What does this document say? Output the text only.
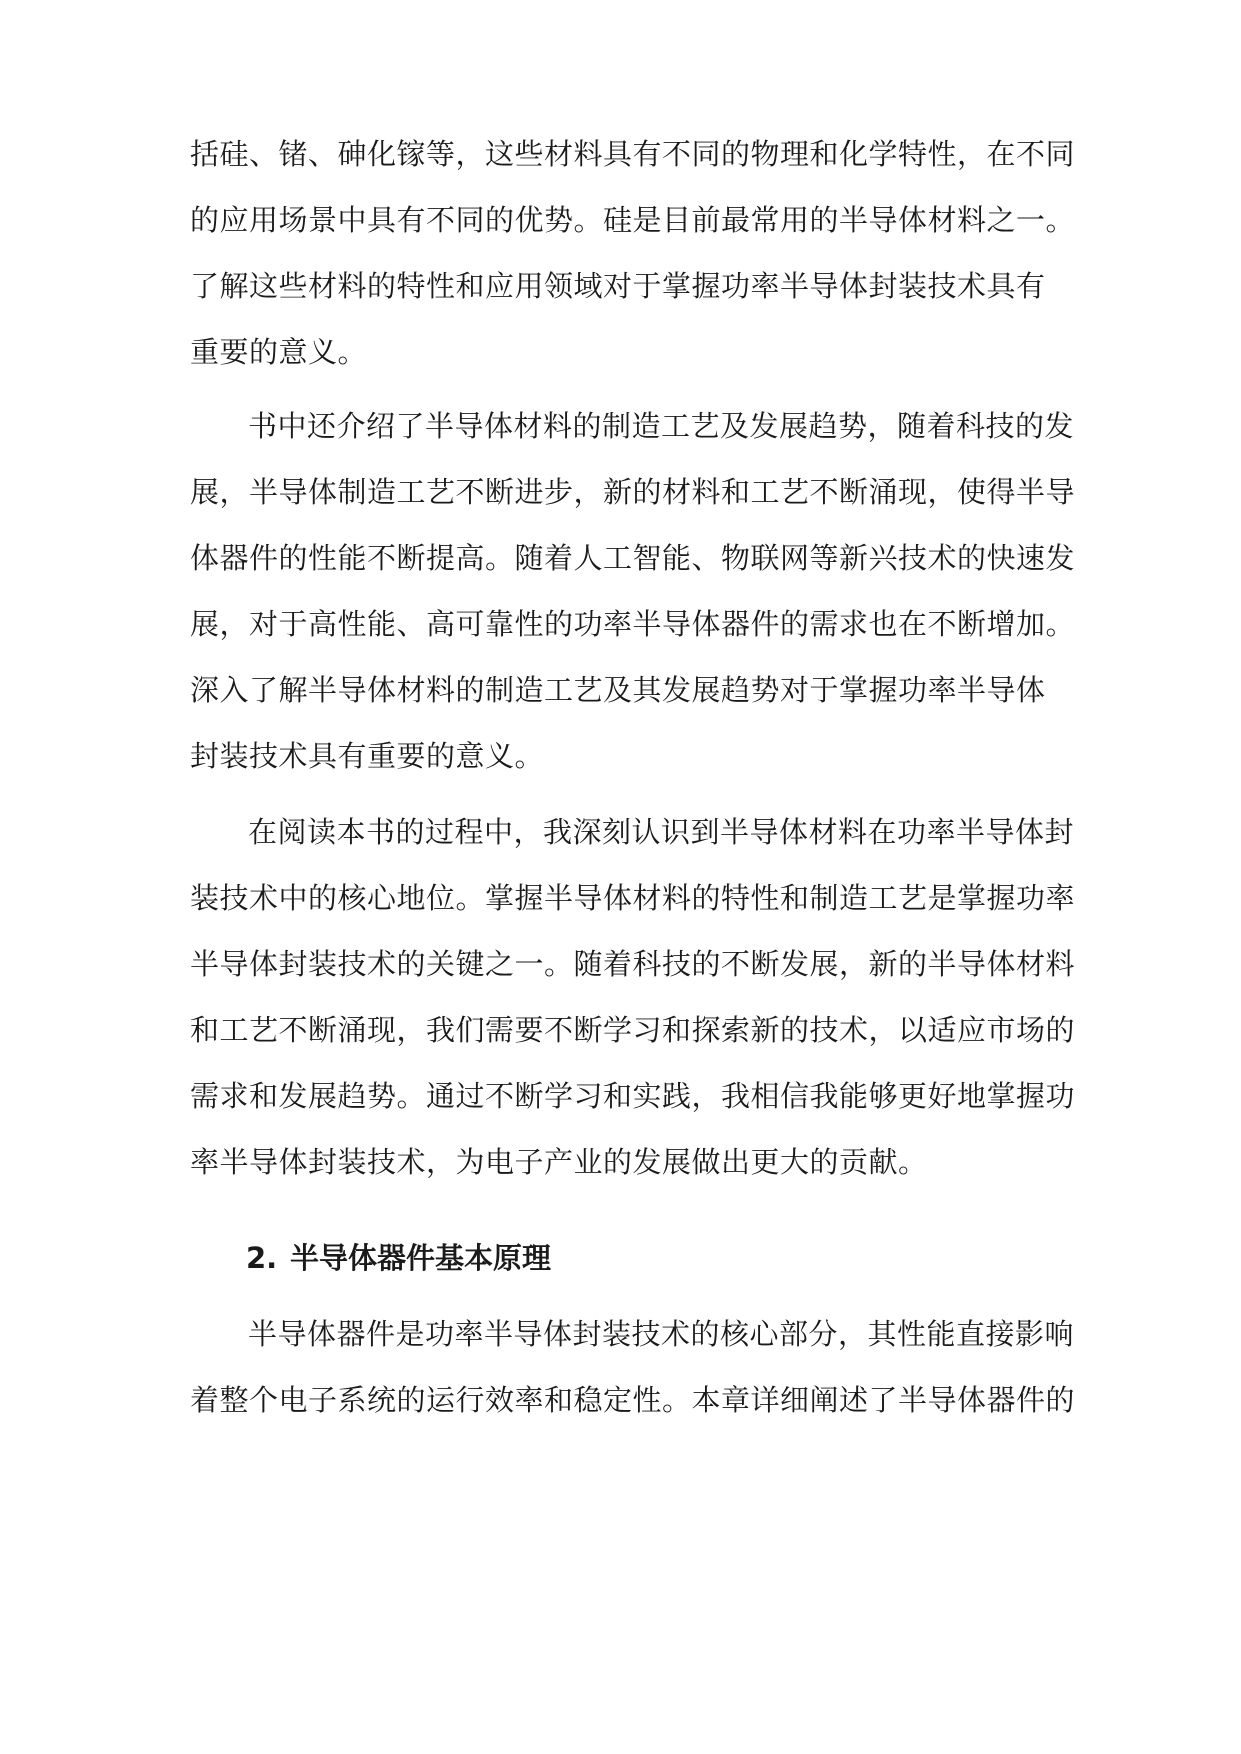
括硅、锗、砷化镓等，这些材料具有不同的物理和化学特性，在不同
的应用场景中具有不同的优势。硅是目前最常用的半导体材料之一。
了解这些材料的特性和应用领域对于掌握功率半导体封装技术具有
重要的意义。
书中还介绍了半导体材料的制造工艺及发展趋势，随着科技的发
展，半导体制造工艺不断进步，新的材料和工艺不断涌现，使得半导
体器件的性能不断提高。随着人工智能、物联网等新兴技术的快速发
展，对于高性能、高可靠性的功率半导体器件的需求也在不断增加。
深入了解半导体材料的制造工艺及其发展趋势对于掌握功率半导体
封装技术具有重要的意义。
在阅读本书的过程中，我深刻认识到半导体材料在功率半导体封
装技术中的核心地位。掌握半导体材料的特性和制造工艺是掌握功率
半导体封装技术的关键之一。随着科技的不断发展，新的半导体材料
和工艺不断涌现，我们需要不断学习和探索新的技术，以适应市场的
需求和发展趋势。通过不断学习和实践，我相信我能够更好地掌握功
率半导体封装技术，为电子产业的发展做出更大的贡献。
2. 半导体器件基本原理
半导体器件是功率半导体封装技术的核心部分，其性能直接影响
着整个电子系统的运行效率和稳定性。本章详细阐述了半导体器件的
